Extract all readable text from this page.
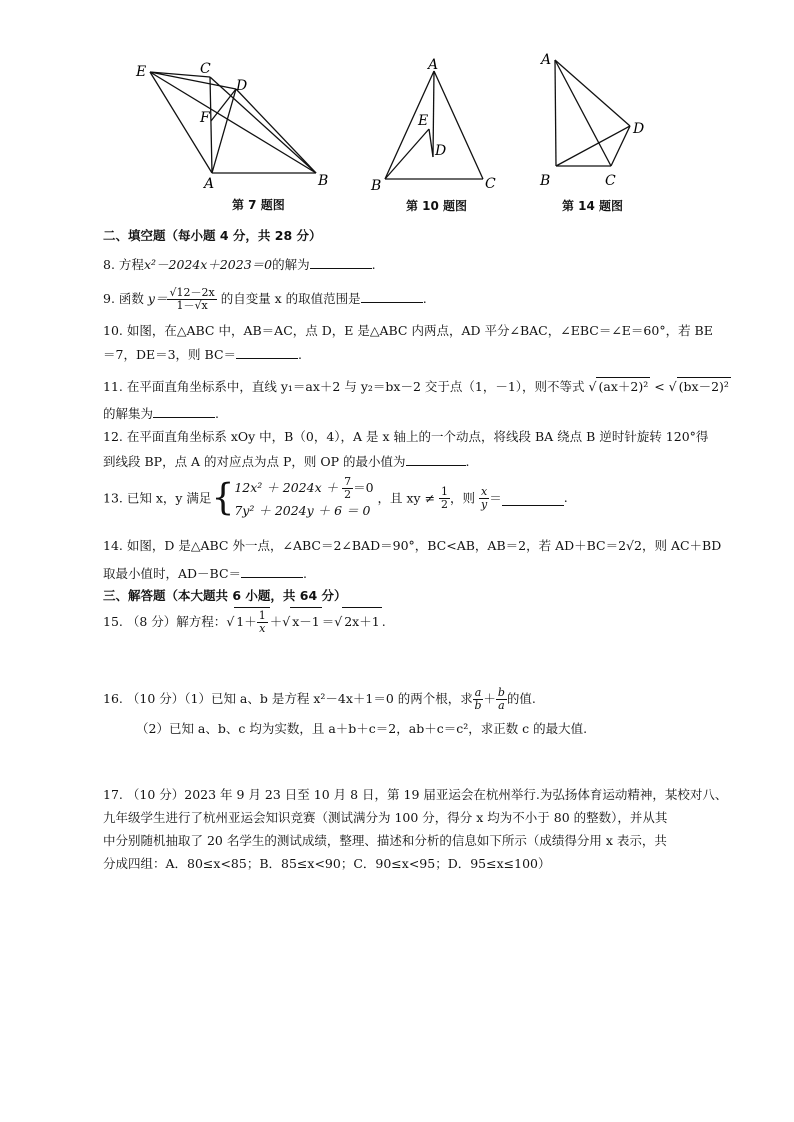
E	C
D
F
A	B
第 7 题图
A
E
D
B	C
第 10 题图
A
D
B	C
第 14 题图
二、填空题（每小题 4 分，共 28 分）
8. 方程x²－2024x＋2023＝0的解为	.
9. 函数 $y= \frac{√12-2x}{1-√x}$ 的自变量 x 的取值范围是	.
10. 如图，在△ABC 中，AB＝AC，点 D，E 是△ABC 内两点，AD 平分∠BAC，∠EBC＝∠E＝60°，若 BE
＝7，DE＝3，则 BC＝	.
11. 在平面直角坐标系中，直线 y₁＝ax＋2 与 y₂＝bx－2 交于点（1，－1），则不等式 √ (ax＋2)² < √ (bx－2)²
的解集为	.
12. 在平面直角坐标系 xOy 中，B（0，4），A 是 x 轴上的一个动点，将线段 BA 绕点 B 逆时针旋转 120°得
到线段 BP，点 A 的对应点为点 P，则 OP 的最小值为	.
13. 已知 x，y 满足{ $12x^2 + 2024x + \frac{7}{2} =0$
7y² ＋ 2024y ＋ 6 ＝ 0
，且 xy ≠ $\frac{1}{2}$ ，则 $\frac{x}{y}$ ＝	.
14. 如图，D 是△ABC 外一点，∠ABC＝2∠BAD＝90°，BC<AB，AB＝2，若 AD＋BC＝2√2，则 AC＋BD
取最小值时，AD－BC＝	.
三、解答题（本大题共 6 小题，共 64 分）
15. （8 分）解方程：√ $1+ \frac{1}{x}$ ＋√ x－1 ＝√ 2x＋1 .
16. （10 分）（1）已知 a、b 是方程 x²－4x＋1＝0 的两个根，求 $\frac{a}{b} + \frac{b}{a}$ 的值.
（2）已知 a、b、c 均为实数，且 a＋b＋c＝2，ab＋c＝c²，求正数 c 的最大值.
17. （10 分）2023 年 9 月 23 日至 10 月 8 日，第 19 届亚运会在杭州举行.为弘扬体育运动精神，某校对八、
九年级学生进行了杭州亚运会知识竞赛（测试满分为 100 分，得分 x 均为不小于 80 的整数），并从其
中分别随机抽取了 20 名学生的测试成绩，整理、描述和分析的信息如下所示（成绩得分用 x 表示，共
分成四组：A．80≤x<85；B．85≤x<90；C．90≤x<95；D．95≤x≤100）
